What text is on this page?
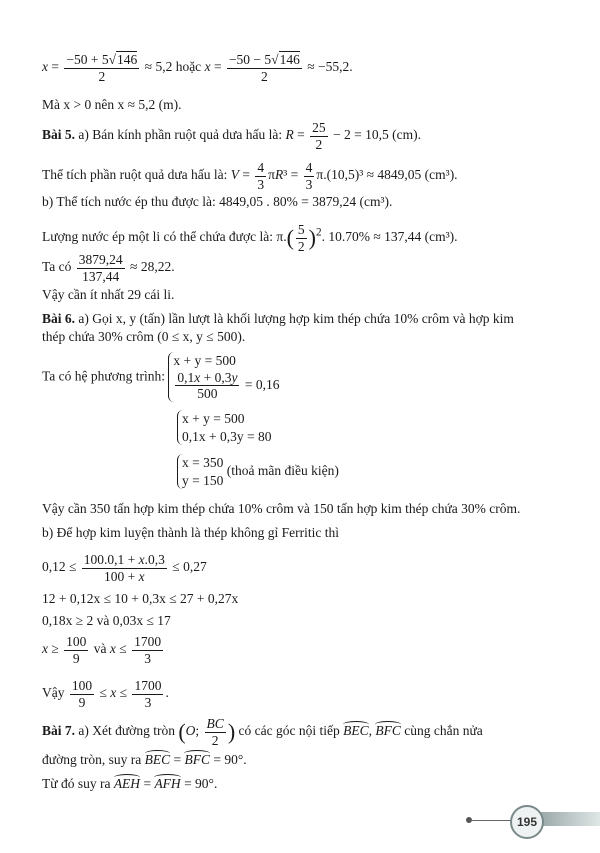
$x = \frac{-50 + 5√146}{2} \approx 5,2$ hoặc $x = \frac{-50 - 5√146}{2} \approx -55,2$.
Mà x > 0 nên x ≈ 5,2 (m).
Bài 5. a) Bán kính phần ruột quả dưa hấu là: $R = \frac{25}{2} - 2 = 10,5$ (cm).
Thể tích phần ruột quả dưa hấu là: $V = \frac{4}{3} \pi R^3 = \frac{4}{3} \pi.(10,5)^3 \approx 4849,05$ (cm³).
b) Thể tích nước ép thu được là: 4849,05 . 80% = 3879,24 (cm³).
Lượng nước ép một li có thể chứa được là: $\pi.( \frac{5}{2} )^2$. 10.70% ≈ 137,44 (cm³).
Ta có $\frac{3879,24}{137,44} \approx 28,22$.
Vậy cần ít nhất 29 cái li.
Bài 6. a) Gọi x, y (tấn) lần lượt là khối lượng hợp kim thép chứa 10% crôm và hợp kim
thép chứa 30% crôm (0 ≤ x, y ≤ 500).
Ta có hệ phương trình:
x + y = 500
$\frac{0,1x + 0,3y}{500} = 0,16$
x + y = 500
0,1x + 0,3y = 80
x = 350
y = 150
(thoả mãn điều kiện)
Vậy cần 350 tấn hợp kim thép chứa 10% crôm và 150 tấn hợp kim thép chứa 30% crôm.
b) Để hợp kim luyện thành là thép không gỉ Ferritic thì
$0,12 \le \frac{100.0,1 + x.0,3}{100 + x} \le 0,27$
12 + 0,12x ≤ 10 + 0,3x ≤ 27 + 0,27x
0,18x ≥ 2 và 0,03x ≤ 17
$x \ge \frac{100}{9}$ và $x \le \frac{1700}{3}$
Vậy $\frac{100}{9} \le x \le \frac{1700}{3}$ .
Bài 7. a) Xét đường tròn (O; $\frac{BC}{2}$ ) có các góc nội tiếp BEC, BFC cùng chắn nửa
đường tròn, suy ra BEC = BFC = 90°.
Từ đó suy ra AEH = AFH = 90°.
195
